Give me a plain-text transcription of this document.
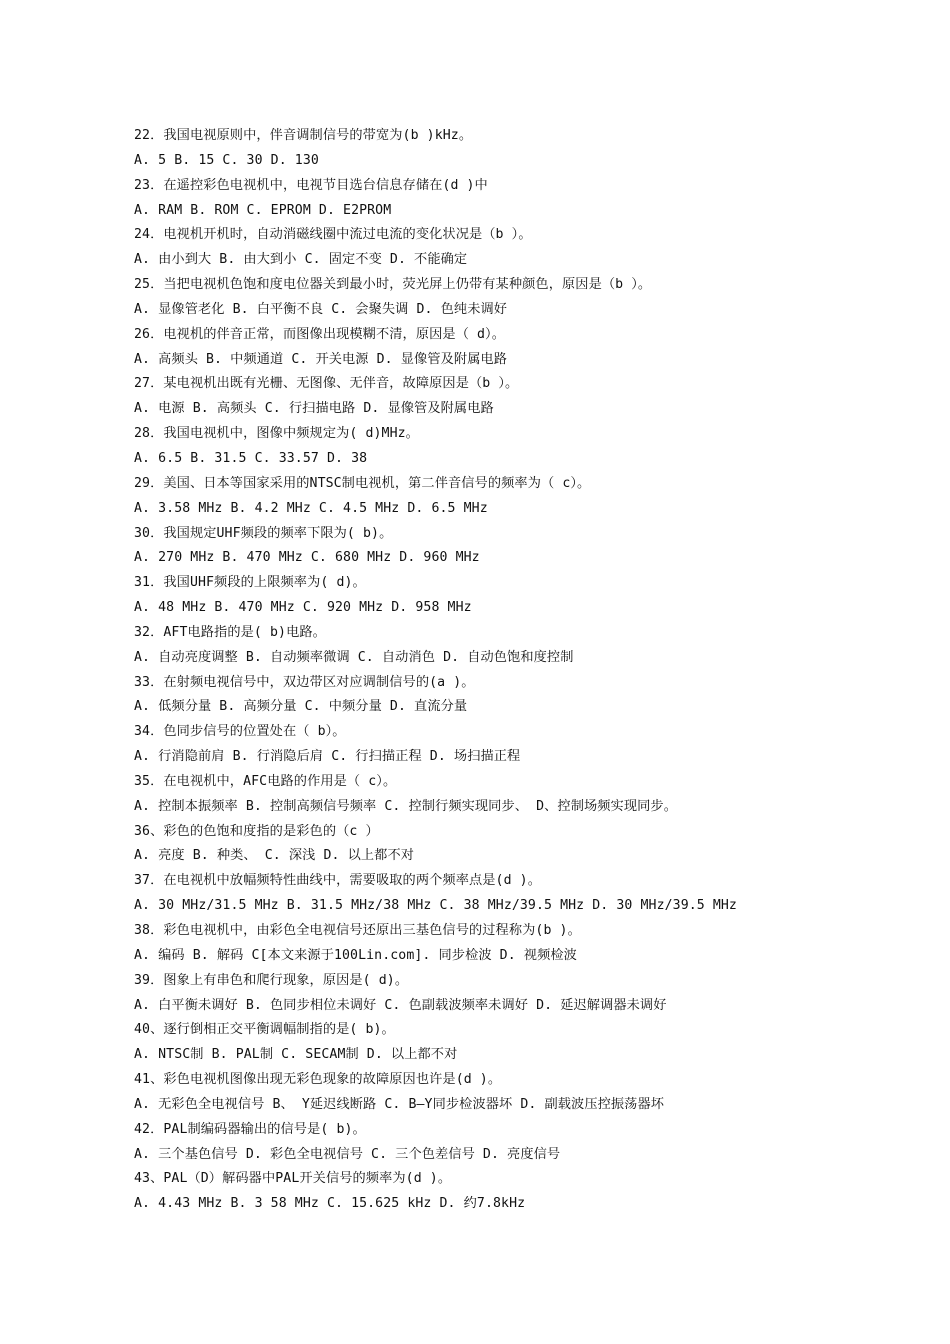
22．我国电视原则中，伴音调制信号的带宽为(b )kHz。
A. 5 B. 15 C. 30 D. 130
23．在遥控彩色电视机中，电视节目选台信息存储在(d )中
A. RAM B. ROM C. EPROM D. E2PROM
24．电视机开机时，自动消磁线圈中流过电流的变化状况是（b ）。
A. 由小到大 B. 由大到小 C. 固定不变 D. 不能确定
25．当把电视机色饱和度电位器关到最小时，荧光屏上仍带有某种颜色，原因是（b ）。
A. 显像管老化 B. 白平衡不良 C. 会聚失调 D. 色纯未调好
26．电视机的伴音正常，而图像出现模糊不清，原因是（ d）。
A. 高频头 B. 中频通道 C. 开关电源 D. 显像管及附属电路
27．某电视机出既有光栅、无图像、无伴音，故障原因是（b ）。
A. 电源 B. 高频头 C. 行扫描电路 D. 显像管及附属电路
28．我国电视机中，图像中频规定为( d)MHz。
A. 6.5 B. 31.5 C. 33.57 D. 38
29．美国、日本等国家采用的NTSC制电视机，第二伴音信号的频率为（ c）。
A. 3.58 MHz B. 4.2 MHz C. 4.5 MHz D. 6.5 MHz
30．我国规定UHF频段的频率下限为( b)。
A. 270 MHz B. 470 MHz C. 680 MHz D. 960 MHz
31．我国UHF频段的上限频率为( d)。
A. 48 MHz B. 470 MHz C. 920 MHz D. 958 MHz
32．AFT电路指的是( b)电路。
A. 自动亮度调整 B. 自动频率微调 C. 自动消色 D. 自动色饱和度控制
33．在射频电视信号中，双边带区对应调制信号的(a )。
A. 低频分量 B. 高频分量 C. 中频分量 D. 直流分量
34．色同步信号的位置处在（ b）。
A. 行消隐前肩 B. 行消隐后肩 C. 行扫描正程 D. 场扫描正程
35．在电视机中，AFC电路的作用是（ c）。
A. 控制本振频率 B. 控制高频信号频率 C. 控制行频实现同步、 D、控制场频实现同步。
36、彩色的色饱和度指的是彩色的（c ）
A. 亮度 B. 种类、 C. 深浅 D. 以上都不对
37．在电视机中放幅频特性曲线中，需要吸取的两个频率点是(d )。
A. 30 MHz/31.5 MHz B. 31.5 MHz/38 MHz C. 38 MHz/39.5 MHz D. 30 MHz/39.5 MHz
38．彩色电视机中，由彩色全电视信号还原出三基色信号的过程称为(b )。
A. 编码 B. 解码 C[本文来源于100Lin.com]. 同步检波 D. 视频检波
39．图象上有串色和爬行现象，原因是( d)。
A. 白平衡未调好 B. 色同步相位未调好 C. 色副载波频率未调好 D. 延迟解调器未调好
40、逐行倒相正交平衡调幅制指的是( b)。
A. NTSC制 B. PAL制 C. SECAM制 D. 以上都不对
41、彩色电视机图像出现无彩色现象的故障原因也许是(d )。
A. 无彩色全电视信号 B、 Y延迟线断路 C. B—Y同步检波器坏 D. 副载波压控振荡器坏
42．PAL制编码器输出的信号是( b)。
A. 三个基色信号 D. 彩色全电视信号 C. 三个色差信号 D. 亮度信号
43、PAL（D）解码器中PAL开关信号的频率为(d )。
A. 4.43 MHz B. 3 58 MHz C. 15.625 kHz D. 约7.8kHz
